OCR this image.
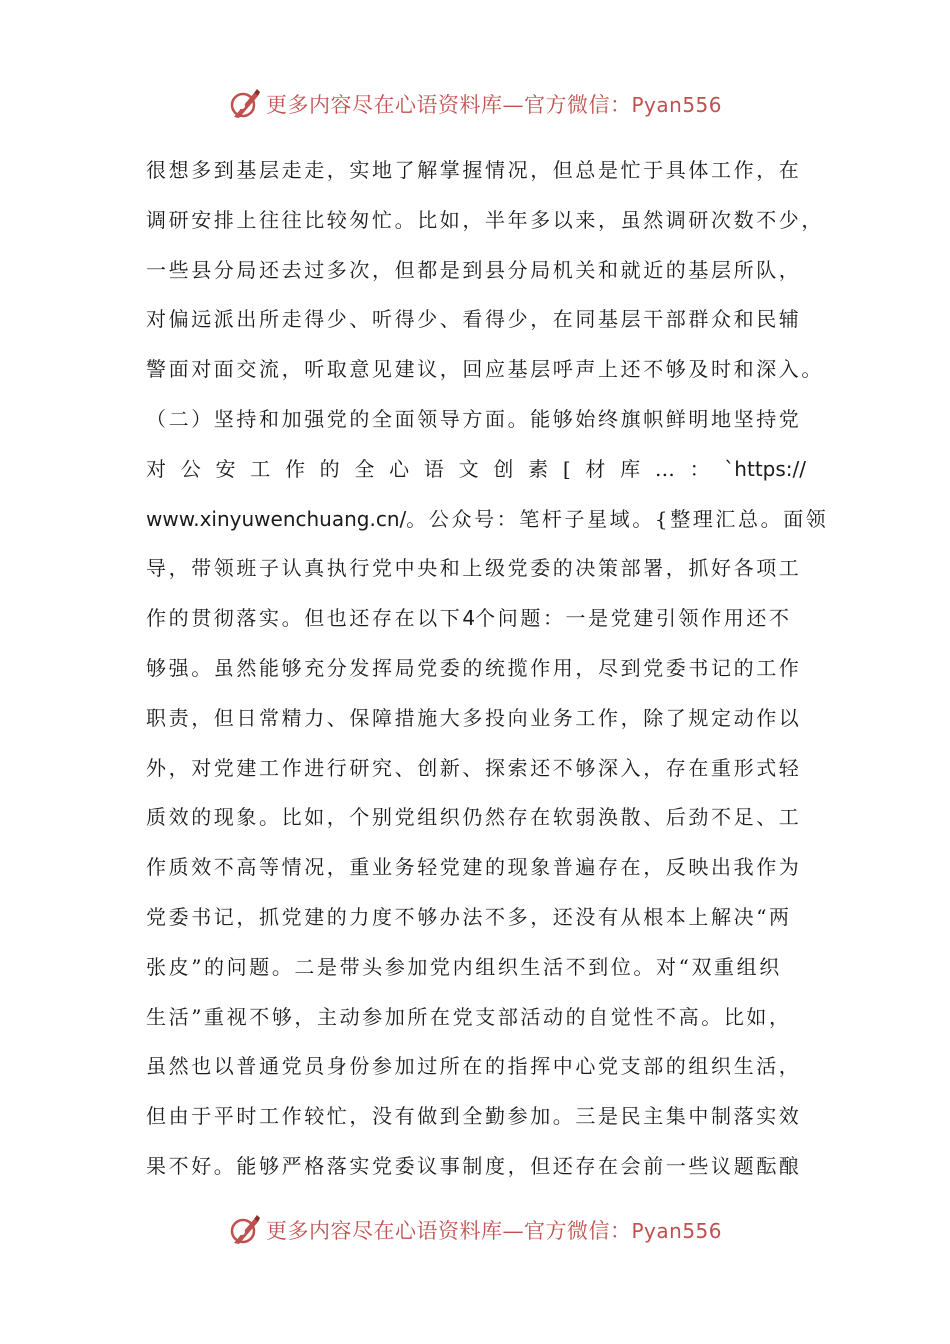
更多内容尽在心语资料库—官方微信：Pyan556
很想多到基层走走，实地了解掌握情况，但总是忙于具体工作，在
调研安排上往往比较匆忙。比如，半年多以来，虽然调研次数不少，
一些县分局还去过多次，但都是到县分局机关和就近的基层所队，
对偏远派出所走得少、听得少、看得少，在同基层干部群众和民辅
警面对面交流，听取意见建议，回应基层呼声上还不够及时和深入。
（二）坚持和加强党的全面领导方面。能够始终旗帜鲜明地坚持党
对 公 安 工 作 的 全 心 语 文 创 素 [ 材 库 … ： `https://
www.xinyuwenchuang.cn/。公众号：笔杆子星域。{整理汇总。面领
导，带领班子认真执行党中央和上级党委的决策部署，抓好各项工
作的贯彻落实。但也还存在以下4个问题：一是党建引领作用还不
够强。虽然能够充分发挥局党委的统揽作用，尽到党委书记的工作
职责，但日常精力、保障措施大多投向业务工作，除了规定动作以
外，对党建工作进行研究、创新、探索还不够深入，存在重形式轻
质效的现象。比如，个别党组织仍然存在软弱涣散、后劲不足、工
作质效不高等情况，重业务轻党建的现象普遍存在，反映出我作为
党委书记，抓党建的力度不够办法不多，还没有从根本上解决“两
张皮”的问题。二是带头参加党内组织生活不到位。对“双重组织
生活”重视不够，主动参加所在党支部活动的自觉性不高。比如，
虽然也以普通党员身份参加过所在的指挥中心党支部的组织生活，
但由于平时工作较忙，没有做到全勤参加。三是民主集中制落实效
果不好。能够严格落实党委议事制度，但还存在会前一些议题酝酿
更多内容尽在心语资料库—官方微信：Pyan556
